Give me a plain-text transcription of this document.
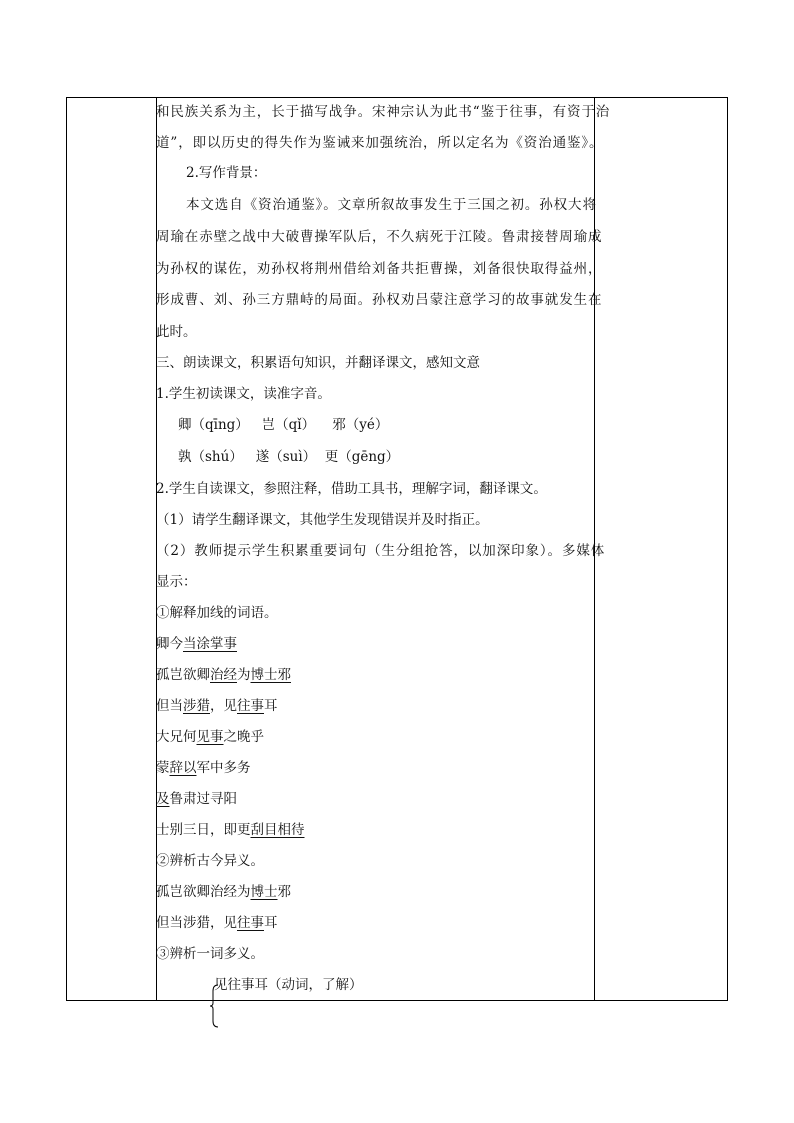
和民族关系为主，长于描写战争。宋神宗认为此书“鉴于往事，有资于治
道”，即以历史的得失作为鉴诫来加强统治，所以定名为《资治通鉴》。
2.写作背景：
本文选自《资治通鉴》。文章所叙故事发生于三国之初。孙权大将
周瑜在赤壁之战中大破曹操军队后，不久病死于江陵。鲁肃接替周瑜成
为孙权的谋佐，劝孙权将荆州借给刘备共拒曹操，刘备很快取得益州，
形成曹、刘、孙三方鼎峙的局面。孙权劝吕蒙注意学习的故事就发生在
此时。
三、朗读课文，积累语句知识，并翻译课文，感知文意
1.学生初读课文，读准字音。
卿（qīng）   岂（qǐ）    邪（yé）
孰（shú）   遂（suì）  更（gēng）
2.学生自读课文，参照注释，借助工具书，理解字词，翻译课文。
（1）请学生翻译课文，其他学生发现错误并及时指正。
（2）教师提示学生积累重要词句（生分组抢答，以加深印象）。多媒体
显示：
①解释加线的词语。
卿今当涂掌事
孤岂欲卿治经为博士邪
但当涉猎，见往事耳
大兄何见事之晚乎
蒙辞以军中多务
及鲁肃过寻阳
士别三日，即更刮目相待
②辨析古今异义。
孤岂欲卿治经为博士邪
但当涉猎，见往事耳
③辨析一词多义。
见往事耳（动词，了解）
